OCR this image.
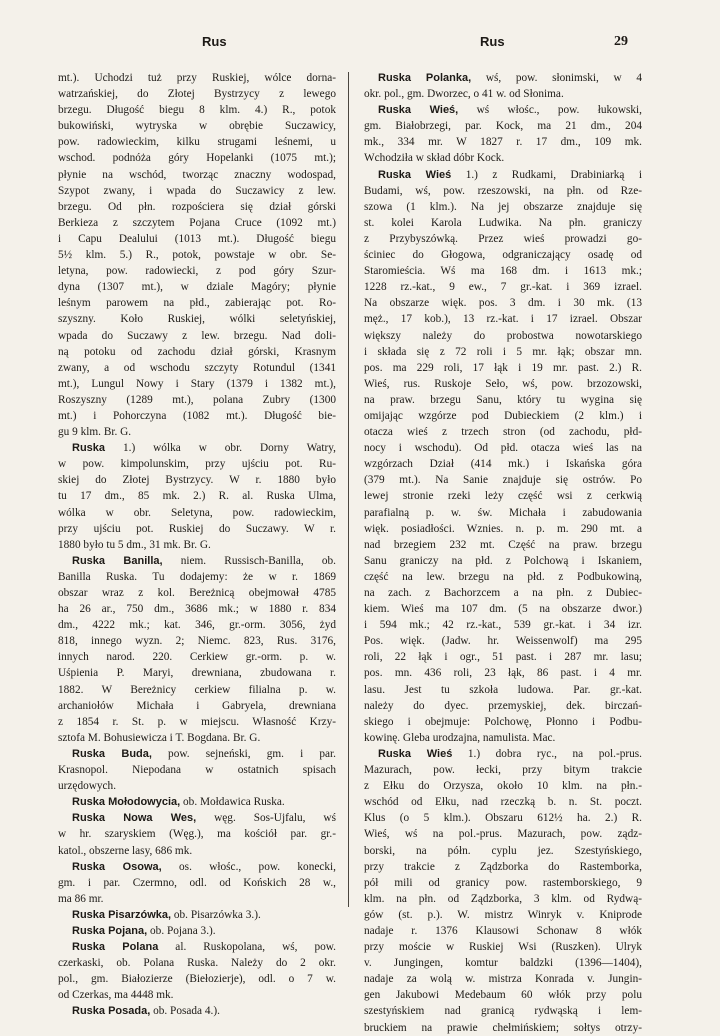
Rus	Rus	29
mt.). Uchodzi tuż przy Ruskiej, wólce dorna-
watrzańskiej, do Złotej Bystrzycy z lewego
brzegu. Długość biegu 8 klm. 4.) R., potok
bukowiński, wytryska w obrębie Suczawicy,
pow. radowieckim, kilku strugami leśnemi, u
wschod. podnóża góry Hopelanki (1075 mt.);
płynie na wschód, tworząc znaczny wodospad,
Szypot zwany, i wpada do Suczawicy z lew.
brzegu. Od płn. rozpościera się dział górski
Berkieza z szczytem Pojana Cruce (1092 mt.)
i Capu Dealului (1013 mt.). Długość biegu
5½ klm. 5.) R., potok, powstaje w obr. Se-
letyna, pow. radowiecki, z pod góry Szur-
dyna (1307 mt.), w dziale Magóry; płynie
leśnym parowem na płd., zabierając pot. Ro-
szyszny. Koło Ruskiej, wólki seletyńskiej,
wpada do Suczawy z lew. brzegu. Nad doli-
ną potoku od zachodu dział górski, Krasnym
zwany, a od wschodu szczyty Rotundul (1341
mt.), Lungul Nowy i Stary (1379 i 1382 mt.),
Roszyszny (1289 mt.), polana Zubry (1300
mt.) i Pohorczyna (1082 mt.). Długość bie-
gu 9 klm. Br. G.
Ruska 1.) wólka w obr. Dorny Watry,
w pow. kimpolunskim, przy ujściu pot. Ru-
skiej do Złotej Bystrzycy. W r. 1880 było
tu 17 dm., 85 mk. 2.) R. al. Ruska Ulma,
wólka w obr. Seletyna, pow. radowieckim,
przy ujściu pot. Ruskiej do Suczawy. W r.
1880 było tu 5 dm., 31 mk. Br. G.
Ruska Banilla, niem. Russisch-Banilla, ob.
Banilla Ruska. Tu dodajemy: że w r. 1869
obszar wraz z kol. Bereżnicą obejmował 4785
ha 26 ar., 750 dm., 3686 mk.; w 1880 r. 834
dm., 4222 mk.; kat. 346, gr.-orm. 3056, żyd
818, innego wyzn. 2; Niemc. 823, Rus. 3176,
innych narod. 220. Cerkiew gr.-orm. p. w.
Uśpienia P. Maryi, drewniana, zbudowana r.
1882. W Bereżnicy cerkiew filialna p. w.
archaniołów Michała i Gabryela, drewniana
z 1854 r. St. p. w miejscu. Własność Krzy-
sztofa M. Bohusiewicza i T. Bogdana. Br. G.
Ruska Buda, pow. sejneński, gm. i par.
Krasnopol. Niepodana w ostatnich spisach
urzędowych.
Ruska Mołodowycia, ob. Mołdawica Ruska.
Ruska Nowa Wes, węg. Sos-Ujfalu, wś
w hr. szaryskiem (Węg.), ma kościół par. gr.-
katol., obszerne lasy, 686 mk.
Ruska Osowa, os. włośc., pow. konecki,
gm. i par. Czermno, odl. od Końskich 28 w.,
ma 86 mr.
Ruska Pisarzówka, ob. Pisarzówka 3.).
Ruska Pojana, ob. Pojana 3.).
Ruska Polana al. Ruskopolana, wś, pow.
czerkaski, ob. Polana Ruska. Należy do 2 okr.
pol., gm. Białozierze (Biełozierje), odl. o 7 w.
od Czerkas, ma 4448 mk.
Ruska Posada, ob. Posada 4.).
Ruska Polanka, wś, pow. słonimski, w 4
okr. pol., gm. Dworzec, o 41 w. od Słonima.
Ruska Wieś, wś włośc., pow. łukowski,
gm. Białobrzegi, par. Kock, ma 21 dm., 204
mk., 334 mr. W 1827 r. 17 dm., 109 mk.
Wchodziła w skład dóbr Kock.
Ruska Wieś 1.) z Rudkami, Drabiniarką i
Budami, wś, pow. rzeszowski, na płn. od Rze-
szowa (1 klm.). Na jej obszarze znajduje się
st. kolei Karola Ludwika. Na płn. graniczy
z Przybyszówką. Przez wieś prowadzi go-
ściniec do Głogowa, odgraniczający osadę od
Staromieścia. Wś ma 168 dm. i 1613 mk.;
1228 rz.-kat., 9 ew., 7 gr.-kat. i 369 izrael.
Na obszarze więk. pos. 3 dm. i 30 mk. (13
męż., 17 kob.), 13 rz.-kat. i 17 izrael. Obszar
większy należy do probostwa nowotarskiego
i składa się z 72 roli i 5 mr. łąk; obszar mn.
pos. ma 229 roli, 17 łąk i 19 mr. past. 2.) R.
Wieś, rus. Ruskoje Seło, wś, pow. brzozowski,
na praw. brzegu Sanu, który tu wygina się
omijając wzgórze pod Dubieckiem (2 klm.) i
otacza wieś z trzech stron (od zachodu, płd-
nocy i wschodu). Od płd. otacza wieś las na
wzgórzach Dział (414 mk.) i Iskańska góra
(379 mt.). Na Sanie znajduje się ostrów. Po
lewej stronie rzeki leży część wsi z cerkwią
parafialną p. w. św. Michała i zabudowania
więk. posiadłości. Wznies. n. p. m. 290 mt. a
nad brzegiem 232 mt. Część na praw. brzegu
Sanu graniczy na płd. z Polchową i Iskaniem,
część na lew. brzegu na płd. z Podbukowiną,
na zach. z Bachorzcem a na płn. z Dubiec-
kiem. Wieś ma 107 dm. (5 na obszarze dwor.)
i 594 mk.; 42 rz.-kat., 539 gr.-kat. i 34 izr.
Pos. więk. (Jadw. hr. Weissenwolf) ma 295
roli, 22 łąk i ogr., 51 past. i 287 mr. lasu;
pos. mn. 436 roli, 23 łąk, 86 past. i 4 mr.
lasu. Jest tu szkoła ludowa. Par. gr.-kat.
należy do dyec. przemyskiej, dek. birczań-
skiego i obejmuje: Polchowę, Płonno i Podbu-
kowinę. Gleba urodzajna, namulista. Mac.
Ruska Wieś 1.) dobra ryc., na pol.-prus.
Mazurach, pow. łecki, przy bitym trakcie
z Ełku do Orzysza, około 10 klm. na płn.-
wschód od Ełku, nad rzeczką b. n. St. poczt.
Klus (o 5 klm.). Obszaru 612½ ha. 2.) R.
Wieś, wś na pol.-prus. Mazurach, pow. ządz-
borski, na półn. cyplu jez. Szestyńskiego,
przy trakcie z Ządzborka do Rastemborka,
pół mili od granicy pow. rastemborskiego, 9
klm. na płn. od Ządzborka, 3 klm. od Rydwą-
gów (st. p.). W. mistrz Winryk v. Kniprode
nadaje r. 1376 Klausowi Schonaw 8 włók
przy moście w Ruskiej Wsi (Ruszken). Ulryk
v. Jungingen, komtur baldzki (1396—1404),
nadaje za wolą w. mistrza Konrada v. Jungin-
gen Jakubowi Medebaum 60 włók przy polu
szestyńskiem nad granicą rydwąską i lem-
bruckiem na prawie chełmińskiem; sołtys otrzy-
